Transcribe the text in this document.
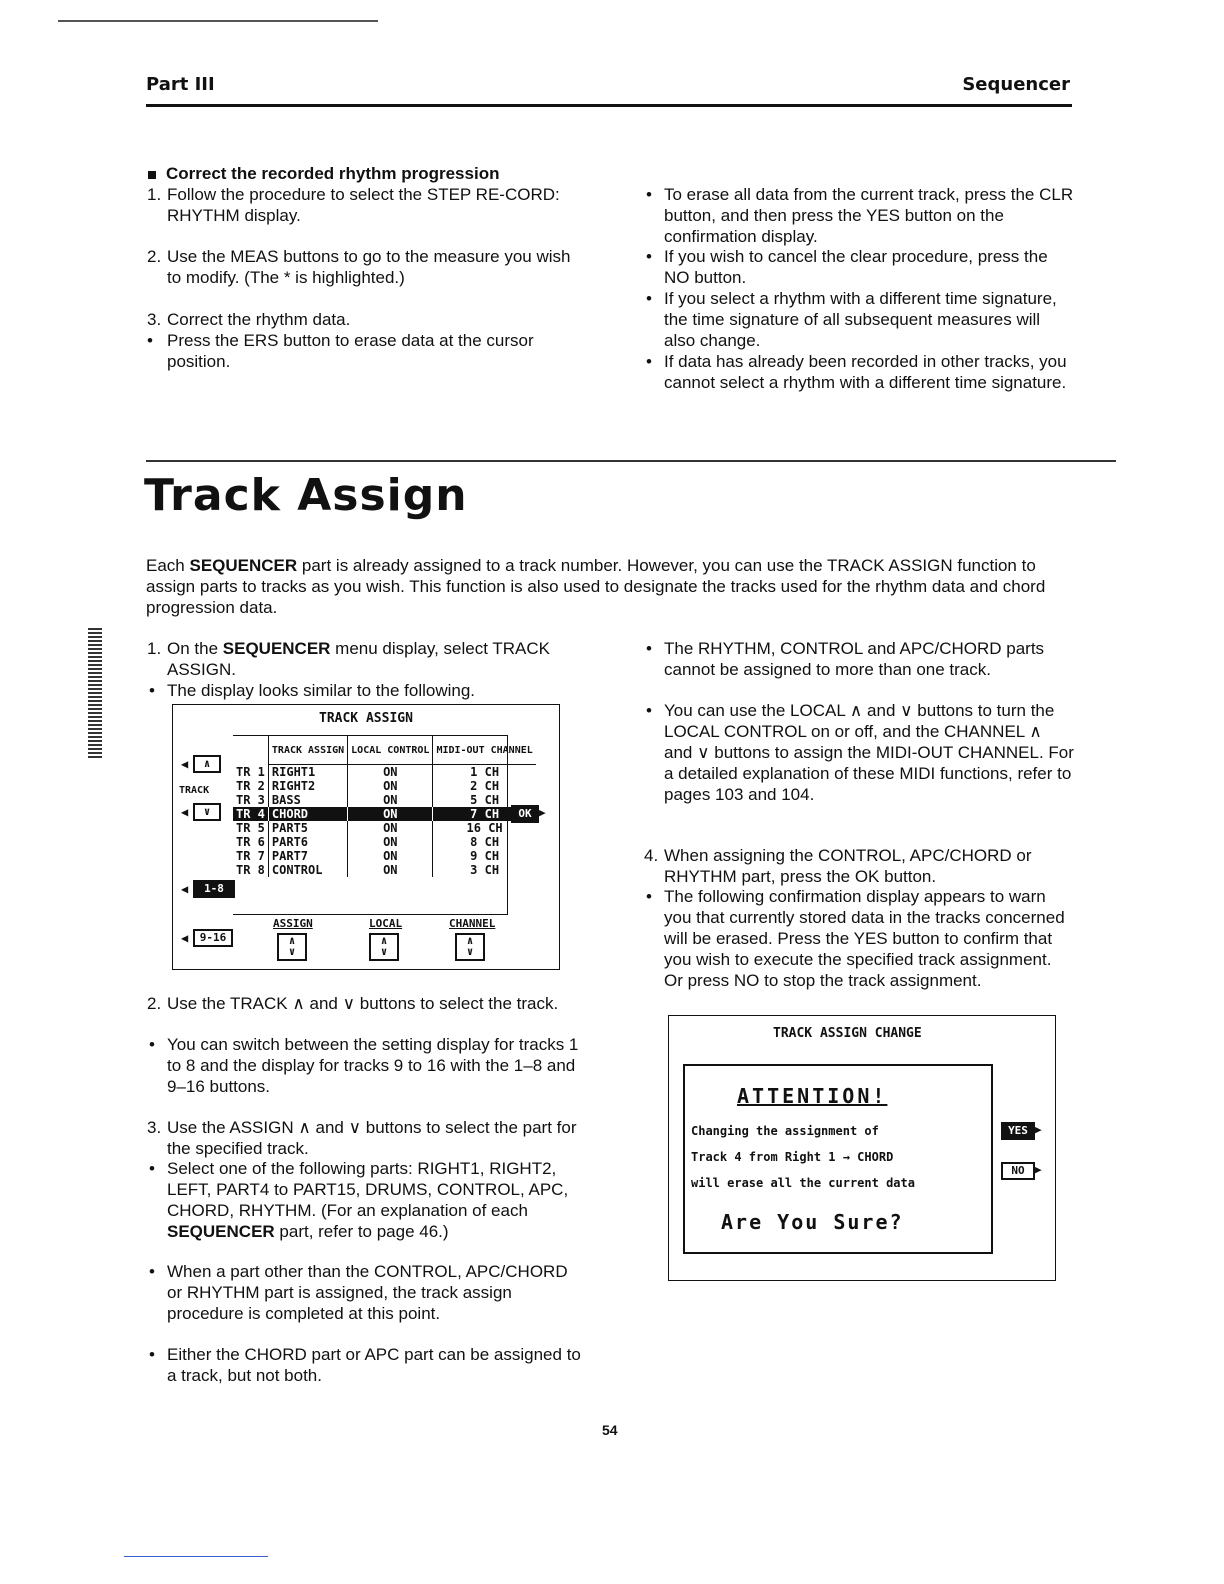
Part III	Sequencer
Correct the recorded rhythm progression
1. Follow the procedure to select the STEP RE-CORD: RHYTHM display.
2. Use the MEAS buttons to go to the measure you wish to modify. (The * is highlighted.)
3. Correct the rhythm data.
• Press the ERS button to erase data at the cursor position.
• To erase all data from the current track, press the CLR button, and then press the YES button on the confirmation display.
• If you wish to cancel the clear procedure, press the NO button.
• If you select a rhythm with a different time signature, the time signature of all subsequent measures will also change.
• If data has already been recorded in other tracks, you cannot select a rhythm with a different time signature.
Track Assign
Each SEQUENCER part is already assigned to a track number. However, you can use the TRACK ASSIGN function to assign parts to tracks as you wish. This function is also used to designate the tracks used for the rhythm data and chord progression data.
1. On the SEQUENCER menu display, select TRACK ASSIGN.
• The display looks similar to the following.
TRACK ASSIGN
	TRACK ASSIGN	LOCAL CONTROL	MIDI-OUT CHANNEL
TR 1	RIGHT1	ON	1 CH
TR 2	RIGHT2	ON	2 CH
TR 3	BASS	ON	5 CH
TR 4	CHORD	ON	7 CH
TR 5	PART5	ON	16 CH
TR 6	PART6	ON	8 CH
TR 7	PART7	ON	9 CH
TR 8	CONTROL	ON	3 CH
◀	∧
TRACK
◀	∨
◀	1-8
◀	9-16
OK ▶
ASSIGN	LOCAL	CHANNEL
∧
∨
∧
∨
∧
∨
2. Use the TRACK ∧ and ∨ buttons to select the track.
• You can switch between the setting display for tracks 1 to 8 and the display for tracks 9 to 16 with the 1–8 and 9–16 buttons.
3. Use the ASSIGN ∧ and ∨ buttons to select the part for the specified track.
• Select one of the following parts: RIGHT1, RIGHT2, LEFT, PART4 to PART15, DRUMS, CONTROL, APC, CHORD, RHYTHM. (For an explanation of each SEQUENCER part, refer to page 46.)
• When a part other than the CONTROL, APC/CHORD or RHYTHM part is assigned, the track assign procedure is completed at this point.
• Either the CHORD part or APC part can be assigned to a track, but not both.
• The RHYTHM, CONTROL and APC/CHORD parts cannot be assigned to more than one track.
• You can use the LOCAL ∧ and ∨ buttons to turn the LOCAL CONTROL on or off, and the CHANNEL ∧ and ∨ buttons to assign the MIDI-OUT CHANNEL. For a detailed explanation of these MIDI functions, refer to pages 103 and 104.
4. When assigning the CONTROL, APC/CHORD or RHYTHM part, press the OK button.
• The following confirmation display appears to warn you that currently stored data in the tracks concerned will be erased. Press the YES button to confirm that you wish to execute the specified track assignment. Or press NO to stop the track assignment.
TRACK ASSIGN CHANGE
ATTENTION!
Changing the assignment of
Track 4 from Right 1 → CHORD
will erase all the current data
Are You Sure?
YES ▶
NO ▶
54
